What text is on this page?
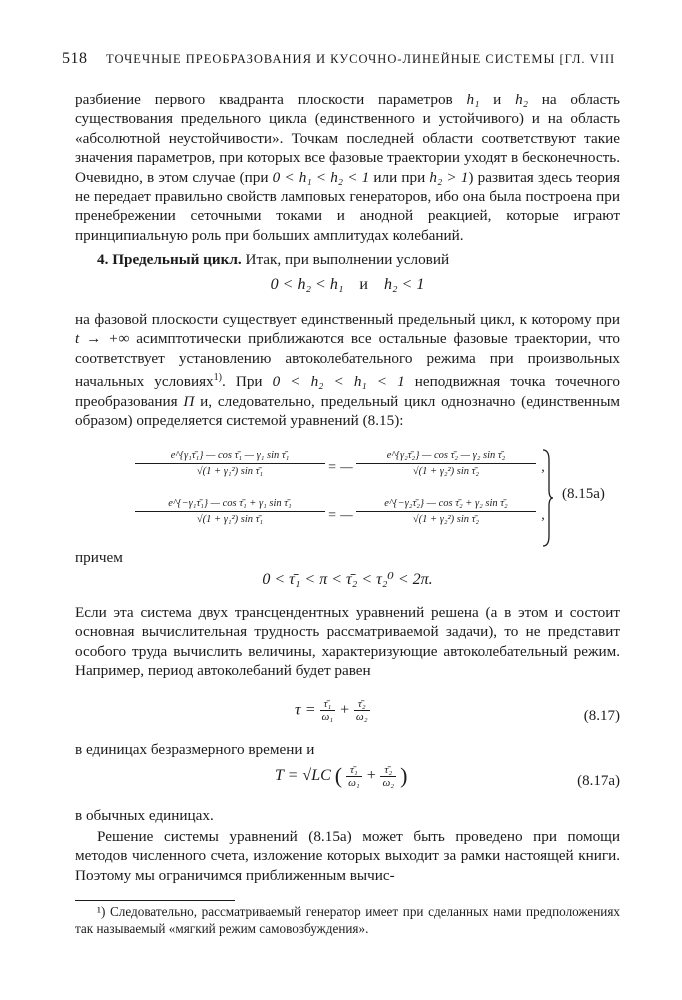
518 ТОЧЕЧНЫЕ ПРЕОБРАЗОВАНИЯ И КУСОЧНО-ЛИНЕЙНЫЕ СИСТЕМЫ [ГЛ. VIII
разбиение первого квадранта плоскости параметров h₁ и h₂ на область существования предельного цикла (единственного и устойчивого) и на область «абсолютной неустойчивости». Точкам последней области соответствуют такие значения параметров, при которых все фазовые траектории уходят в бесконечность. Очевидно, в этом случае (при 0 < h₁ < h₂ < 1 или при h₂ > 1) развитая здесь теория не передает правильно свойств ламповых генераторов, ибо она была построена при пренебрежении сеточными токами и анодной реакцией, которые играют принципиальную роль при больших амплитудах колебаний.
4. Предельный цикл. Итак, при выполнении условий
0 < h₂ < h₁ и h₂ < 1
на фазовой плоскости существует единственный предельный цикл, к которому при t → +∞ асимптотически приближаются все остальные фазовые траектории, что соответствует установлению автоколебательного режима при произвольных начальных условиях$^{1)}$. При 0 < h₂ < h₁ < 1 неподвижная точка точечного преобразования Π и, следовательно, предельный цикл однозначно (единственным образом) определяется системой уравнений (8.15):
e^{γ₁τ̄₁} — cos τ̄₁ — γ₁ sin τ̄₁
√(1 + γ₁²) sin τ̄₁	= —
e^{γ₂τ̄₂} — cos τ̄₂ — γ₂ sin τ̄₂
√(1 + γ₂²) sin τ̄₂	,
e^{−γ₁τ̄₁} — cos τ̄₁ + γ₁ sin τ̄₁
√(1 + γ₁²) sin τ̄₁	= —
e^{−γ₂τ̄₂} — cos τ̄₂ + γ₂ sin τ̄₂
√(1 + γ₂²) sin τ̄₂	,
(8.15а)
причем
0 < τ̄₁ < π < τ̄₂ < τ₂⁰ < 2π.
Если эта система двух трансцендентных уравнений решена (а в этом и состоит основная вычислительная трудность рассматриваемой задачи), то не представит особого труда вычислить величины, характеризующие автоколебательный режим. Например, период автоколебаний будет равен
$\tau = \frac{\text{τ̄₁}}{\text{ω₁}} + \frac{\text{τ̄₂}}{\text{ω₂}}$	(8.17)
в единицах безразмерного времени и
T = √LC ( $\frac{\text{τ̄₁}}{\text{ω₁}} + \frac{\text{τ̄₂}}{\text{ω₂}}$ )	(8.17а)
в обычных единицах.
Решение системы уравнений (8.15а) может быть проведено при помощи методов численного счета, изложение которых выходит за рамки настоящей книги. Поэтому мы ограничимся приближенным вычис-
¹) Следовательно, рассматриваемый генератор имеет при сделанных нами предположениях так называемый «мягкий режим самовозбуждения».
